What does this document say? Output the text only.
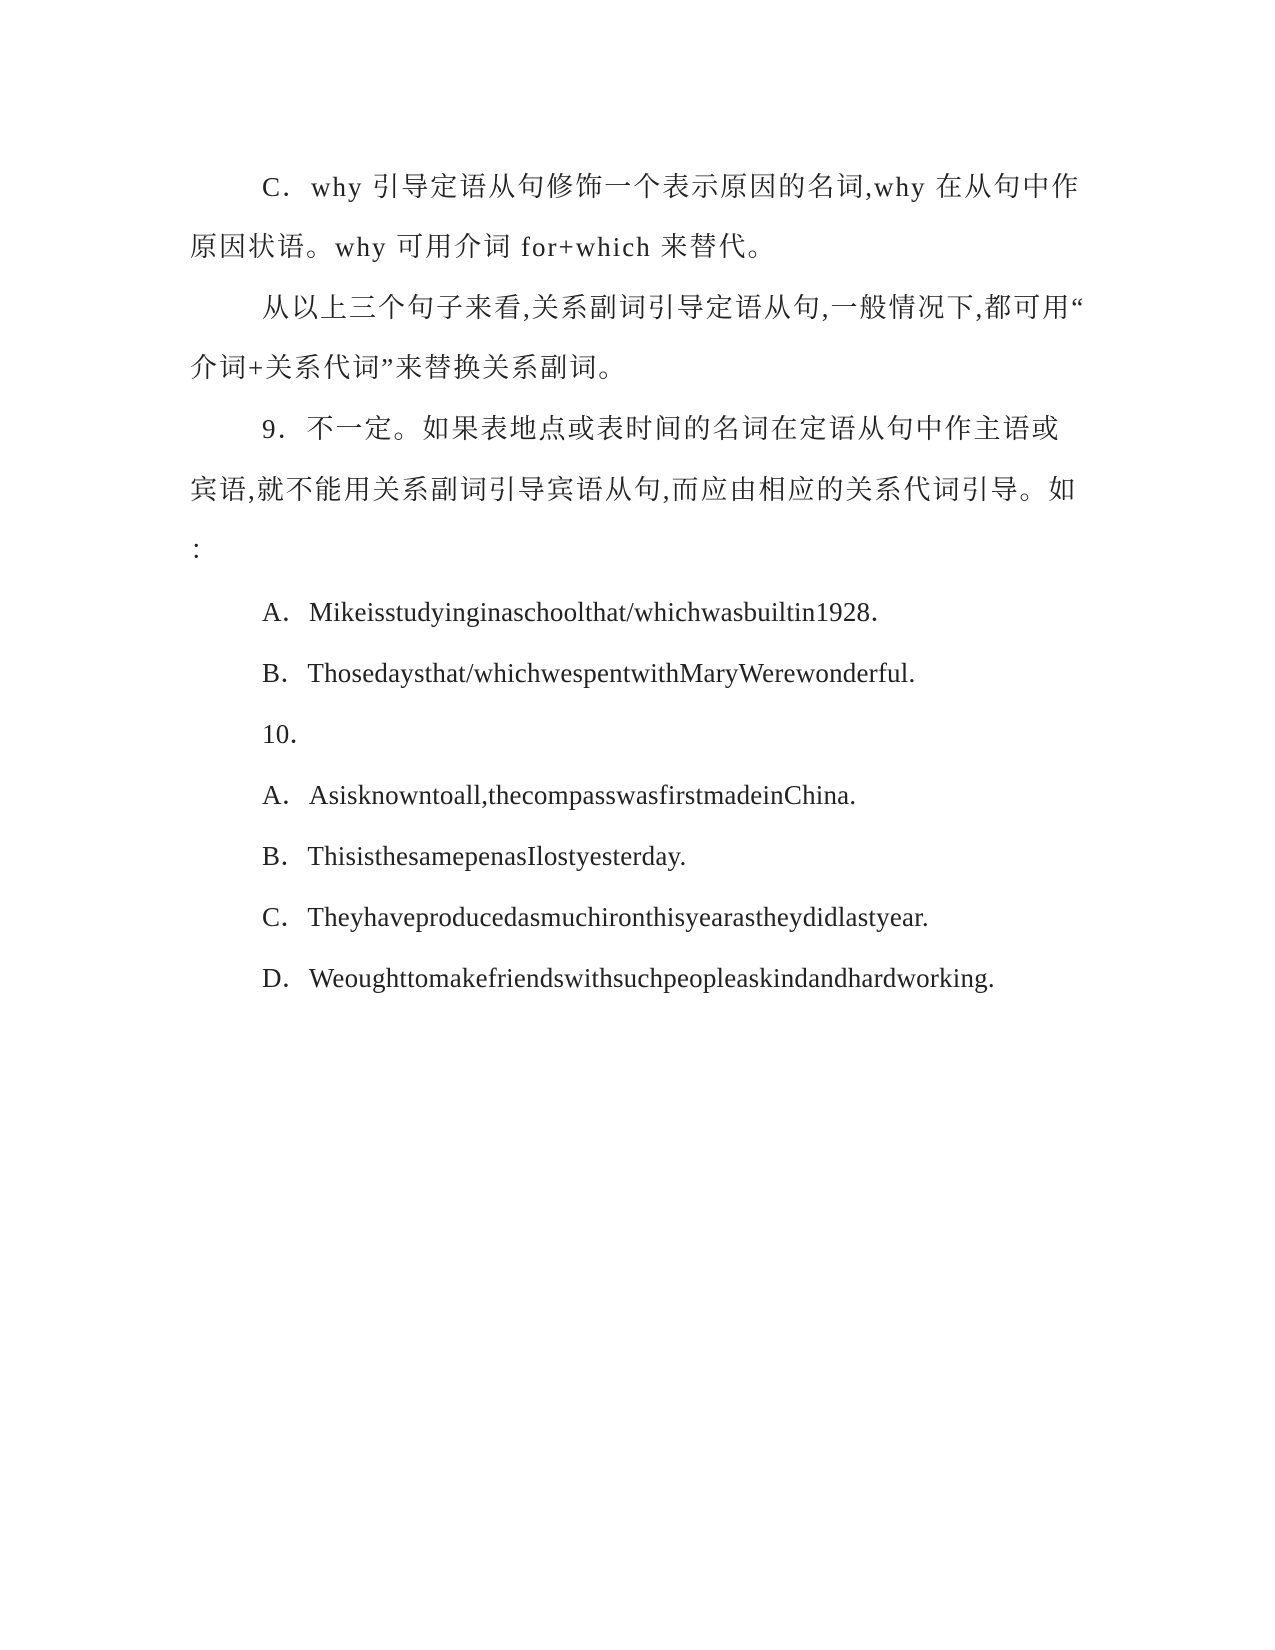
C．why 引导定语从句修饰一个表示原因的名词,why 在从句中作
原因状语。why 可用介词 for+which 来替代。
从以上三个句子来看,关系副词引导定语从句,一般情况下,都可用“
介词+关系代词”来替换关系副词。
9．不一定。如果表地点或表时间的名词在定语从句中作主语或
宾语,就不能用关系副词引导宾语从句,而应由相应的关系代词引导。如
：
A．Mikeisstudyinginaschoolthat/whichwasbuiltin1928．
B．Thosedaysthat/whichwespentwithMaryWerewonderful.
10．
A．Asisknowntoall,thecompasswasfirstmadeinChina.
B．ThisisthesamepenasIlostyesterday.
C．Theyhaveproducedasmuchironthisyearastheydidlastyear.
D．Weoughttomakefriendswithsuchpeopleaskindandhardworking.
